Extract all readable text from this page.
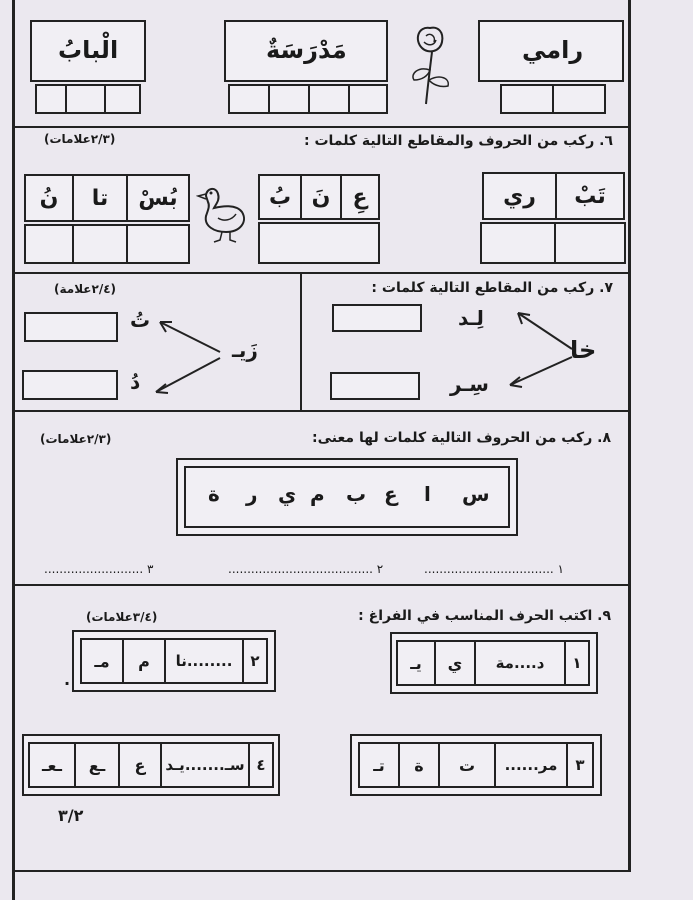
الْبابُ	مَدْرَسَةٌ	رامي
٦. ركب من الحروف والمقاطع التالية كلمات :
(٢/٣علامات)
تَبْ
ري
عِ
نَ
بُ
بُسْ
تا
نُ
٧. ركب من المقاطع التالية كلمات :
(٢/٤علامة)
لِـد
خا
سِـر
تُ
زَيـ
دُ
٨. ركب من الحروف التالية كلمات لها معنى:
(٢/٣علامات)
س
ا
ع
ب
م
ي
ر
ة
.................................. ١
...................................... ٢
.......................... ٣
٩. اكتب الحرف المناسب في الفراغ :
(٣/٤علامات)
١
د....مة
ي
يـ
٢
نا........
م
مـ
.
٣
......مر
ت
ة
تـ
٤
سـ.......يـد
ع
ـع
ـعـ
٣/٢
